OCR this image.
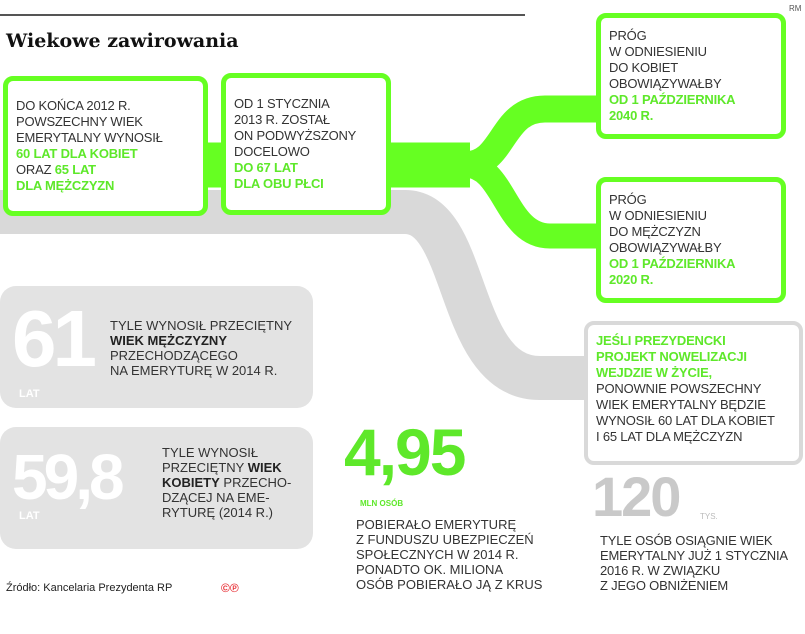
Wiekowe zawirowania
RM
DO KOŃCA 2012 R.
POWSZECHNY WIEK
EMERYTALNY WYNOSIŁ
60 LAT DLA KOBIET
ORAZ 65 LAT
DLA MĘŻCZYZN
OD 1 STYCZNIA
2013 R. ZOSTAŁ
ON PODWYŻSZONY
DOCELOWO
DO 67 LAT
DLA OBU PŁCI
PRÓG
W ODNIESIENIU
DO KOBIET
OBOWIĄZYWAŁBY
OD 1 PAŹDZIERNIKA
2040 R.
PRÓG
W ODNIESIENIU
DO MĘŻCZYZN
OBOWIĄZYWAŁBY
OD 1 PAŹDZIERNIKA
2020 R.
JEŚLI PREZYDENCKI
PROJEKT NOWELIZACJI
WEJDZIE W ŻYCIE,
PONOWNIE POWSZECHNY
WIEK EMERYTALNY BĘDZIE
WYNOSIŁ 60 LAT DLA KOBIET
I 65 LAT DLA MĘŻCZYZN
61
LAT
TYLE WYNOSIŁ PRZECIĘTNY
WIEK MĘŻCZYZNY
PRZECHODZĄCEGO
NA EMERYTURĘ W 2014 R.
59,8
LAT
TYLE WYNOSIŁ
PRZECIĘTNY WIEK
KOBIETY PRZECHO-
DZĄCEJ NA EME-
RYTURĘ (2014 R.)
4,95
MLN OSÓB
POBIERAŁO EMERYTURĘ
Z FUNDUSZU UBEZPIECZEŃ
SPOŁECZNYCH W 2014 R.
PONADTO OK. MILIONA
OSÓB POBIERAŁO JĄ Z KRUS
120	TYS.
TYLE OSÓB OSIĄGNIE WIEK
EMERYTALNY JUŻ 1 STYCZNIA
2016 R. W ZWIĄZKU
Z JEGO OBNIŻENIEM
Źródło: Kancelaria Prezydenta RP	©℗
